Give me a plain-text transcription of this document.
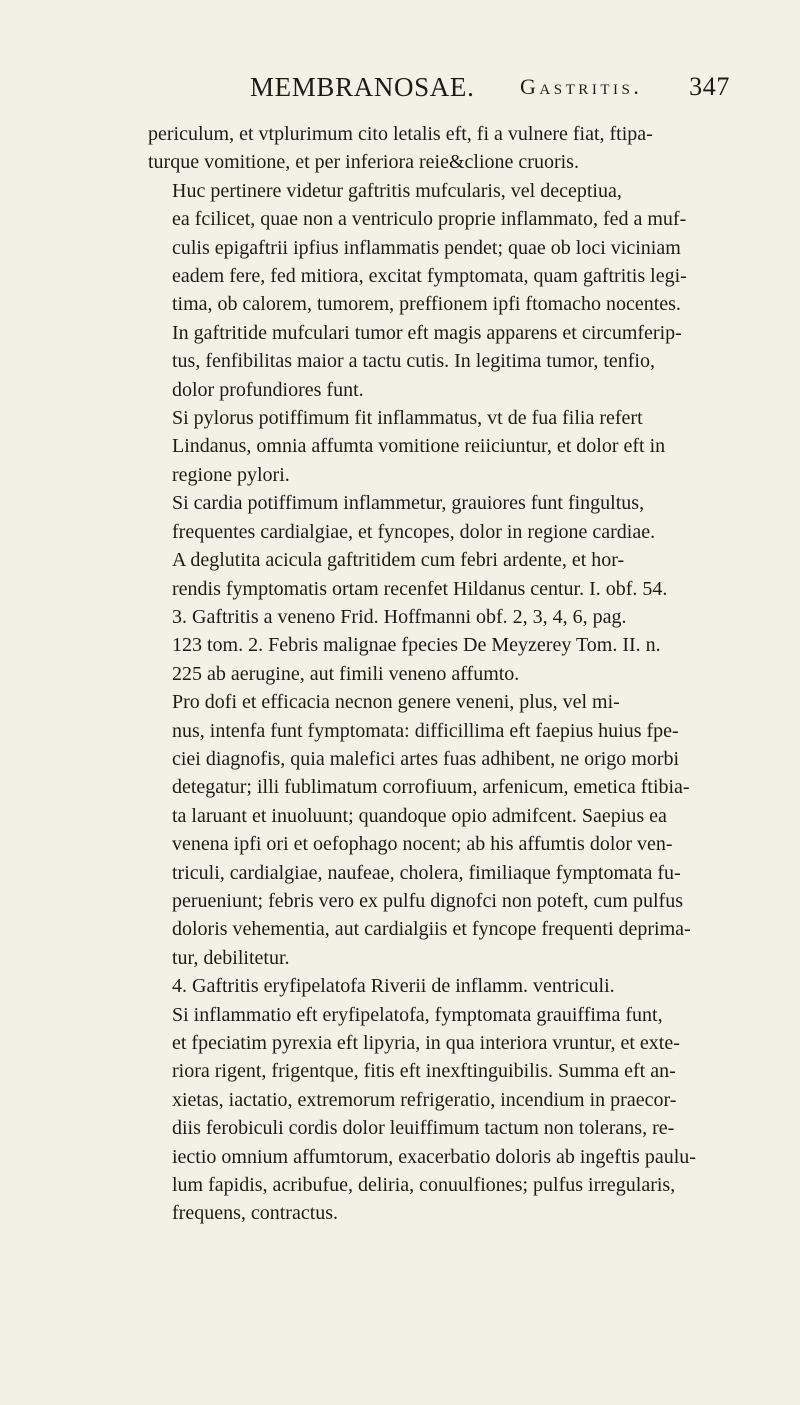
MEMBRANOSAE. Gastritis. 347

periculum, et vtplurimum cito letalis eft, fi a vulnere fiat, ftipa-
turque vomitione, et per inferiora reie&clione cruoris.

Huc pertinere videtur gaftritis mufcularis, vel deceptiua,
ea fcilicet, quae non a ventriculo proprie inflammato, fed a muf-
culis epigaftrii ipfius inflammatis pendet; quae ob loci viciniam
eadem fere, fed mitiora, excitat fymptomata, quam gaftritis legi-
tima, ob calorem, tumorem, preffionem ipfi ftomacho nocentes.
In gaftritide mufculari tumor eft magis apparens et circumferip-
tus, fenfibilitas maior a tactu cutis. In legitima tumor, tenfio,
dolor profundiores funt.

Si pylorus potiffimum fit inflammatus, vt de fua filia refert
Lindanus, omnia affumta vomitione reiiciuntur, et dolor eft in
regione pylori.

Si cardia potiffimum inflammetur, grauiores funt fingultus,
frequentes cardialgiae, et fyncopes, dolor in regione cardiae.

A deglutita acicula gaftritidem cum febri ardente, et hor-
rendis fymptomatis ortam recenfet Hildanus centur. I. obf. 54.

3. Gaftritis a veneno Frid. Hoffmanni obf. 2, 3, 4, 6, pag.
123 tom. 2. Febris malignae fpecies De Meyzerey Tom. II. n.
225 ab aerugine, aut fimili veneno affumto.

Pro dofi et efficacia necnon genere veneni, plus, vel mi-
nus, intenfa funt fymptomata: difficillima eft faepius huius fpe-
ciei diagnofis, quia malefici artes fuas adhibent, ne origo morbi
detegatur; illi fublimatum corrofiuum, arfenicum, emetica ftibia-
ta laruant et inuoluunt; quandoque opio admifcent. Saepius ea
venena ipfi ori et oefophago nocent; ab his affumtis dolor ven-
triculi, cardialgiae, naufeae, cholera, fimiliaque fymptomata fu-
perueniunt; febris vero ex pulfu dignofci non poteft, cum pulfus
doloris vehementia, aut cardialgiis et fyncope frequenti deprima-
tur, debilitetur.

4. Gaftritis eryfipelatofa Riverii de inflamm. ventriculi.

Si inflammatio eft eryfipelatofa, fymptomata grauiffima funt,
et fpeciatim pyrexia eft lipyria, in qua interiora vruntur, et exte-
riora rigent, frigentque, fitis eft inexftinguibilis. Summa eft an-
xietas, iactatio, extremorum refrigeratio, incendium in praecor-
diis ferobiculi cordis dolor leuiffimum tactum non tolerans, re-
iectio omnium affumtorum, exacerbatio doloris ab ingeftis paulu-
lum fapidis, acribufue, deliria, conuulfiones; pulfus irregularis,
frequens, contractus.
